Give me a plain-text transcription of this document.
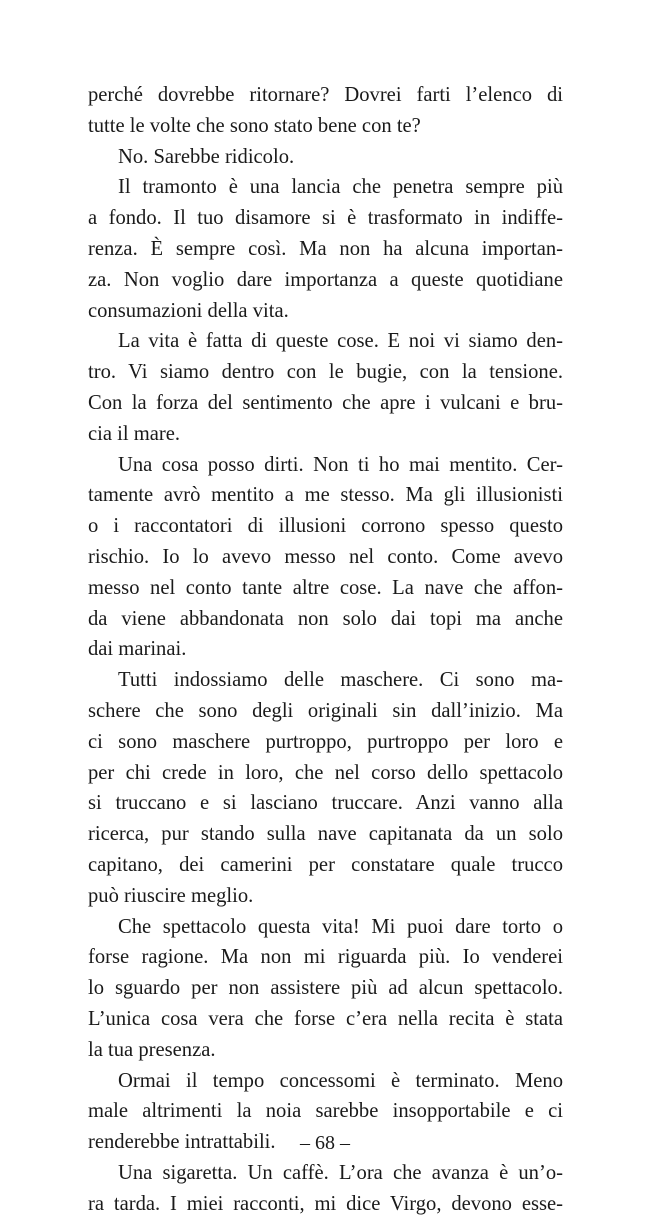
perché dovrebbe ritornare? Dovrei farti l’elenco di
tutte le volte che sono stato bene con te?
No. Sarebbe ridicolo.
Il tramonto è una lancia che penetra sempre più
a fondo. Il tuo disamore si è trasformato in indiffe-
renza. È sempre così. Ma non ha alcuna importan-
za. Non voglio dare importanza a queste quotidiane
consumazioni della vita.
La vita è fatta di queste cose. E noi vi siamo den-
tro. Vi siamo dentro con le bugie, con la tensione.
Con la forza del sentimento che apre i vulcani e bru-
cia il mare.
Una cosa posso dirti. Non ti ho mai mentito. Cer-
tamente avrò mentito a me stesso. Ma gli illusionisti
o i raccontatori di illusioni corrono spesso questo
rischio. Io lo avevo messo nel conto. Come avevo
messo nel conto tante altre cose. La nave che affon-
da viene abbandonata non solo dai topi ma anche
dai marinai.
Tutti indossiamo delle maschere. Ci sono ma-
schere che sono degli originali sin dall’inizio. Ma
ci sono maschere purtroppo, purtroppo per loro e
per chi crede in loro, che nel corso dello spettacolo
si truccano e si lasciano truccare. Anzi vanno alla
ricerca, pur stando sulla nave capitanata da un solo
capitano, dei camerini per constatare quale trucco
può riuscire meglio.
Che spettacolo questa vita! Mi puoi dare torto o
forse ragione. Ma non mi riguarda più. Io venderei
lo sguardo per non assistere più ad alcun spettacolo.
L’unica cosa vera che forse c’era nella recita è stata
la tua presenza.
Ormai il tempo concessomi è terminato. Meno
male altrimenti la noia sarebbe insopportabile e ci
renderebbe intrattabili.
Una sigaretta. Un caffè. L’ora che avanza è un’o-
ra tarda. I miei racconti, mi dice Virgo, devono esse-
– 68 –
